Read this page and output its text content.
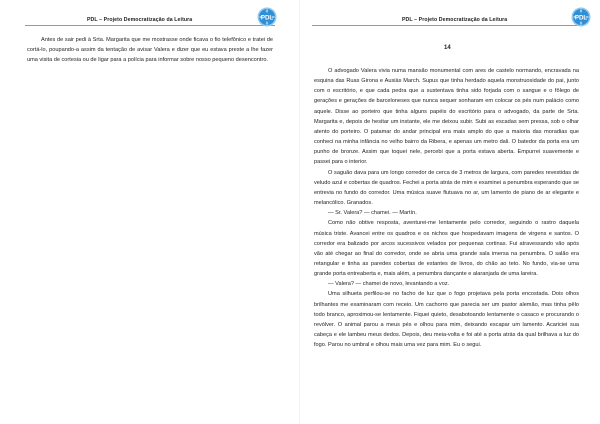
PDL – Projeto Democratização da Leitura	PDL

Antes de sair pedi à Srta. Margarita que me mostrasse onde ficava o fio telefônico e tratei de cortá-lo, poupando-a assim da tentação de avisar Valera e dizer que eu estava preste a lhe fazer uma visita de cortesia ou de ligar para a polícia para informar sobre nosso pequeno desencontro.

PDL – Projeto Democratização da Leitura	PDL
14

O advogado Valera vivia numa mansão monumental com ares de castelo normando, encravada na esquina das Ruas Girona e Ausiàs March. Supus que tinha herdado aquela monstruosidade do pai, junto com o escritório, e que cada pedra que a sustentava tinha sido forjada com o sangue e o fôlego de gerações e gerações de barceloneses que nunca sequer sonharam em colocar os pés num palácio como aquele. Disse ao porteiro que tinha alguns papéis do escritório para o advogado, da parte de Srta. Margarita e, depois de hesitar um instante, ele me deixou subir. Subi as escadas sem pressa, sob o olhar atento do porteiro. O patamar do andar principal era mais amplo do que a maioria das moradias que conheci na minha infância no velho bairro da Ribera, e apenas um metro dali. O batedor da porta era um punho de bronze. Assim que toquei nele, percebi que a porta estava aberta. Empurrei suavemente e passei para o interior.

O saguão dava para um longo corredor de cerca de 3 metros de largura, com paredes revestidas de veludo azul e cobertas de quadros. Fechei a porta atrás de mim e examinei a penumbra esperando que se entrevia no fundo do corredor. Uma música suave flutuava no ar, um lamento de piano de ar elegante e melancólico. Granados.

— Sr. Valera? — chamei. — Martín.

Como não obtive resposta, aventurei-me lentamente pelo corredor, seguindo o rastro daquela música triste. Avancei entre os quadros e os nichos que hospedavam imagens de virgens e santos. O corredor era balizado por arcos sucessivos velados por pequenas cortinas. Fui atravessando vão após vão até chegar ao final do corredor, onde se abria uma grande sala imersa na penumbra. O salão era retangular e tinha as paredes cobertas de estantes de livros, do chão ao teto. No fundo, via-se uma grande porta entreaberta e, mais além, a penumbra dançante e alaranjada de uma lareira.

— Valera? — chamei de novo, levantando a voz.

Uma silhueta perfilou-se no facho de luz que o fogo projetava pela porta encostada. Dois olhos brilhantes me examinaram com receio. Um cachorro que parecia ser um pastor alemão, mas tinha pêlo todo branco, aproximou-se lentamente. Fiquei quieto, desabotoando lentamente o casaco e procurando o revólver. O animal parou a meus pés e olhou para mim, deixando escapar um lamento. Acariciei sua cabeça e ele lambeu meus dedos. Depois, deu meia-volta e foi até a porta atrás da qual brilhava a luz do fogo. Parou no umbral e olhou mais uma vez para mim. Eu o segui.
